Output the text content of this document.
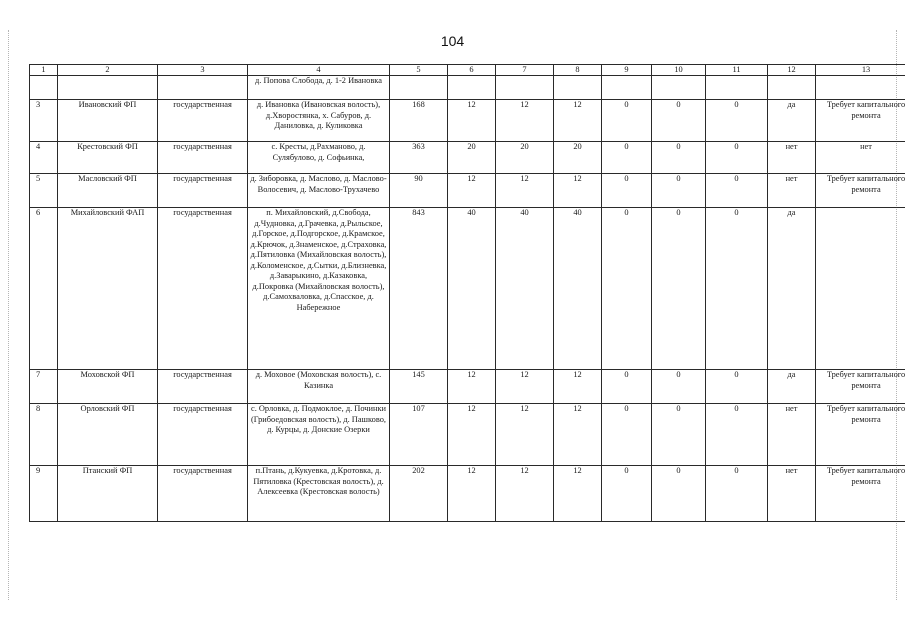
104
1	2	3	4	5	6	7	8	9	10	11	12	13
			д. Попова Слобода, д. 1-2 Ивановка									
3	Ивановский ФП	государственная	д. Ивановка (Ивановская волость), д.Хворостянка, х. Сабуров, д. Даниловка, д. Куликовка	168	12	12	12	0	0	0	да	Требует капитального ремонта
4	Крестовский ФП	государственная	с. Кресты, д.Рахманово, д. Сулябулово, д. Софьинка,	363	20	20	20	0	0	0	нет	нет
5	Масловский ФП	государственная	д. Зиборовка, д. Маслово, д. Маслово-Волосевич, д. Маслово-Трухачево	90	12	12	12	0	0	0	нет	Требует капитального ремонта
6	Михайловский ФАП	государственная	п. Михайловский, д.Свобода, д.Чудновка, д.Грачевка, д.Рыльское, д.Горское, д.Подгорское, д.Крамское, д.Крючок, д.Знаменское, д.Страховка, д.Пятиловка (Михайловская волость), д.Коломенское, д.Сытки, д.Близневка, д.Заварыкино, д.Казаковка, д.Покровка (Михайловская волость), д.Самохваловка, д.Спасское, д. Набережное	843	40	40	40	0	0	0	да	
7	Моховской ФП	государственная	д. Моховое (Моховская волость), с. Казинка	145	12	12	12	0	0	0	да	Требует капитального ремонта
8	Орловский ФП	государственная	с. Орловка, д. Подмоклое, д. Починки (Грибоедовская волость), д. Пашково, д. Курцы, д. Донские Озерки	107	12	12	12	0	0	0	нет	Требует капитального ремонта
9	Птанский ФП	государственная	п.Птань, д.Кукуевка, д.Кротовка, д. Пятиловка (Крестовская волость), д. Алексеевка (Крестовская волость)	202	12	12	12	0	0	0	нет	Требует капитального ремонта
